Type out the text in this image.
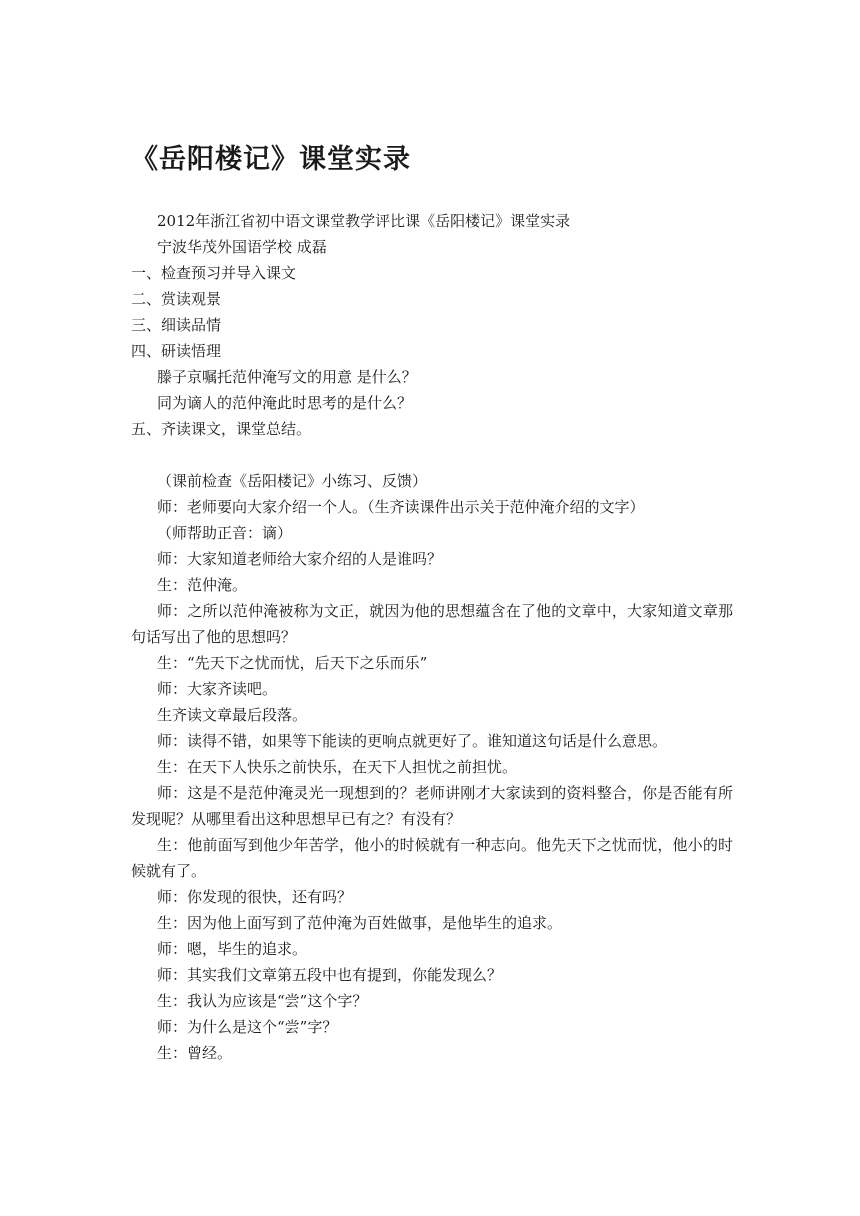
《岳阳楼记》课堂实录
2012年浙江省初中语文课堂教学评比课《岳阳楼记》课堂实录
宁波华茂外国语学校 成磊
一、检查预习并导入课文
二、赏读观景
三、细读品情
四、研读悟理
滕子京嘱托范仲淹写文的用意 是什么？
同为谪人的范仲淹此时思考的是什么？
五、齐读课文，课堂总结。
（课前检查《岳阳楼记》小练习、反馈）
师：老师要向大家介绍一个人。（生齐读课件出示关于范仲淹介绍的文字）
（师帮助正音：谪）
师：大家知道老师给大家介绍的人是谁吗？
生：范仲淹。
师：之所以范仲淹被称为文正，就因为他的思想蕴含在了他的文章中，大家知道文章那句话写出了他的思想吗？
生：“先天下之忧而忧，后天下之乐而乐”
师：大家齐读吧。
生齐读文章最后段落。
师：读得不错，如果等下能读的更响点就更好了。谁知道这句话是什么意思。
生：在天下人快乐之前快乐，在天下人担忧之前担忧。
师：这是不是范仲淹灵光一现想到的？老师讲刚才大家读到的资料整合，你是否能有所发现呢？从哪里看出这种思想早已有之？有没有？
生：他前面写到他少年苦学，他小的时候就有一种志向。他先天下之忧而忧，他小的时候就有了。
师：你发现的很快，还有吗？
生：因为他上面写到了范仲淹为百姓做事，是他毕生的追求。
师：嗯，毕生的追求。
师：其实我们文章第五段中也有提到，你能发现么？
生：我认为应该是“尝”这个字？
师：为什么是这个“尝”字？
生：曾经。
